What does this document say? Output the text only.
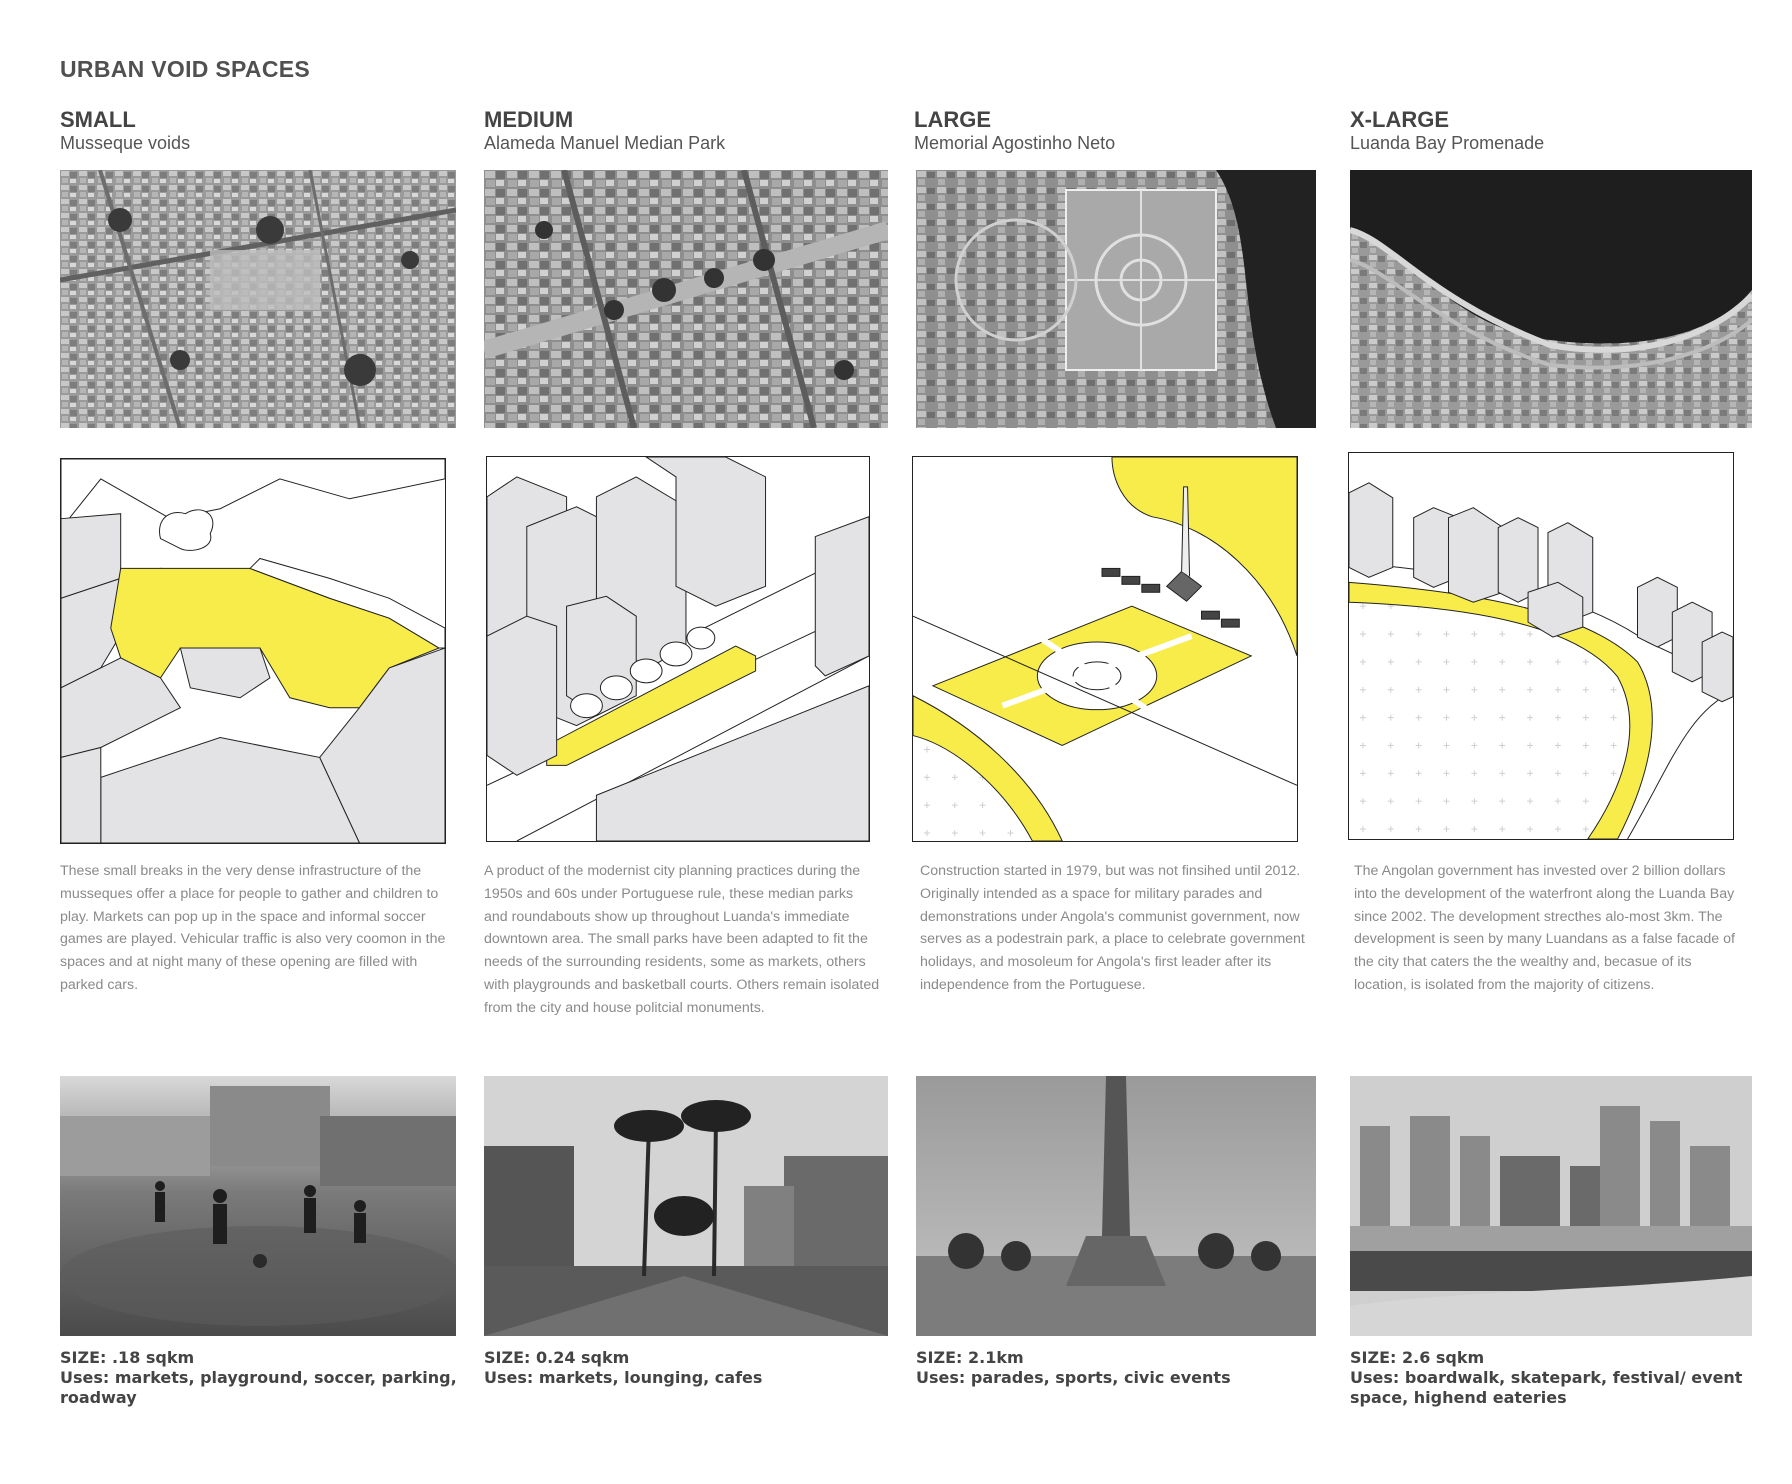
URBAN VOID SPACES

SMALL

Musseque voids

These small breaks in the very dense infrastructure of the musseques offer a place for people to gather and children to play. Markets can pop up in the space and informal soccer games are played. Vehicular traffic is also very coomon in the spaces and at night many of these opening are filled with parked cars.

SIZE: .18 sqkm
Uses: markets, playground, soccer, parking, roadway

MEDIUM

Alameda Manuel Median Park

A product of the modernist city planning practices during the 1950s and 60s under Portuguese rule, these median parks and roundabouts show up throughout Luanda's immediate downtown area. The small parks have been adapted to fit the needs of the surrounding residents, some as markets, others with playgrounds and basketball courts. Others remain isolated from the city and house politcial monuments.

SIZE: 0.24 sqkm
Uses: markets, lounging, cafes

LARGE

Memorial Agostinho Neto

Construction started in 1979, but was not finsihed until 2012. Originally intended as a space for military parades and demonstrations under Angola's communist government, now serves as a podestrain park, a place to celebrate government holidays, and mosoleum for Angola's first leader after its independence from the Portuguese.

SIZE: 2.1km
Uses: parades, sports, civic events

X-LARGE

Luanda Bay Promenade

The Angolan government has invested over 2 billion dollars into the development of the waterfront along the Luanda Bay since 2002. The development strecthes alo-most 3km. The development is seen by many Luandans as a false facade of the city that caters the the wealthy and, becasue of its location, is isolated from the majority of citizens.

SIZE: 2.6 sqkm
Uses: boardwalk, skatepark, festival/ event space, highend eateries
